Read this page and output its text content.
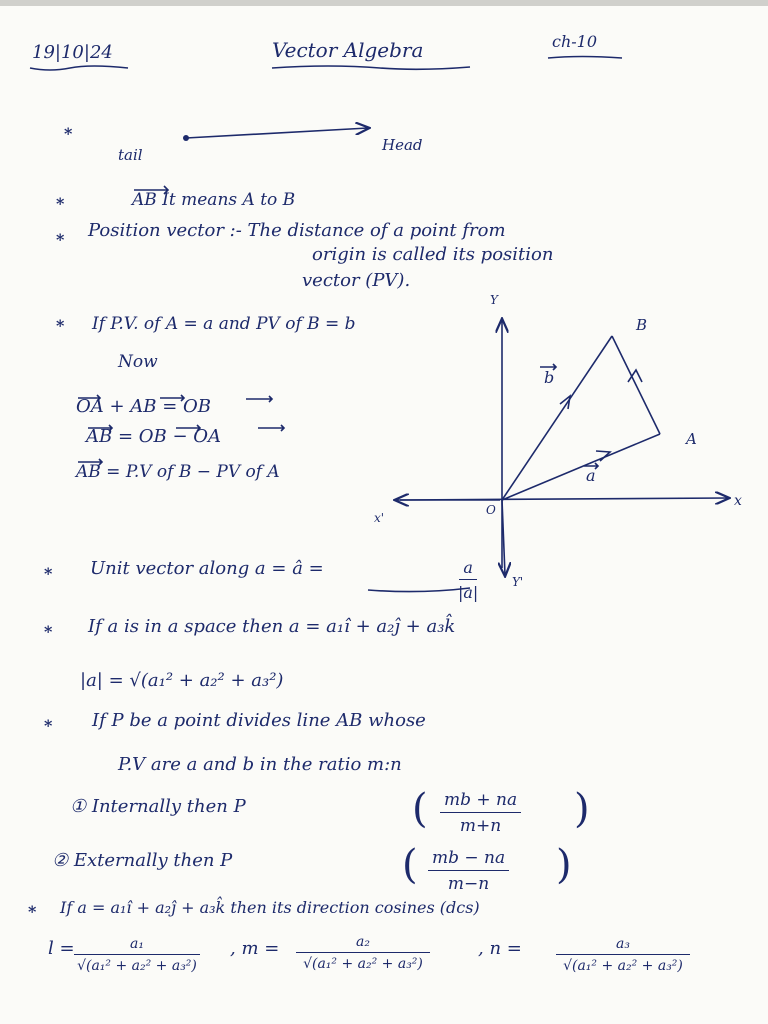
19|10|24	Vector Algebra	ch-10
*
tail
Head
*	AB It means A to B
* Position vector :- The distance of a point from
origin is called its position
vector (PV).
* If P.V. of A = a and PV of B = b
Now
OA + AB = OB
AB = OB − OA
AB = P.V of B − PV of A
Y
Y'
x
x'
O
A
B
b
a
* Unit vector along a = â =	$\frac{a}{|a|}$
* If a is in a space then a = a₁î + a₂ĵ + a₃k̂
|a| = √(a₁² + a₂² + a₃²)
* If P be a point divides line AB whose
P.V are a and b in the ratio m:n
① Internally then P	( $\frac{mb + na}{m+n}$ )
② Externally then P	( $\frac{mb - na}{m-n}$ )
* If a = a₁î + a₂ĵ + a₃k̂ then its direction cosines (dcs)
$l = \frac{\text{a₁}}{\text{√(a₁² + a₂² + a₃²)}}$ , $m = \frac{\text{a₂}}{\text{√(a₁² + a₂² + a₃²)}}$	, $n = \frac{\text{a₃}}{\text{√(a₁² + a₂² + a₃²)}}$
